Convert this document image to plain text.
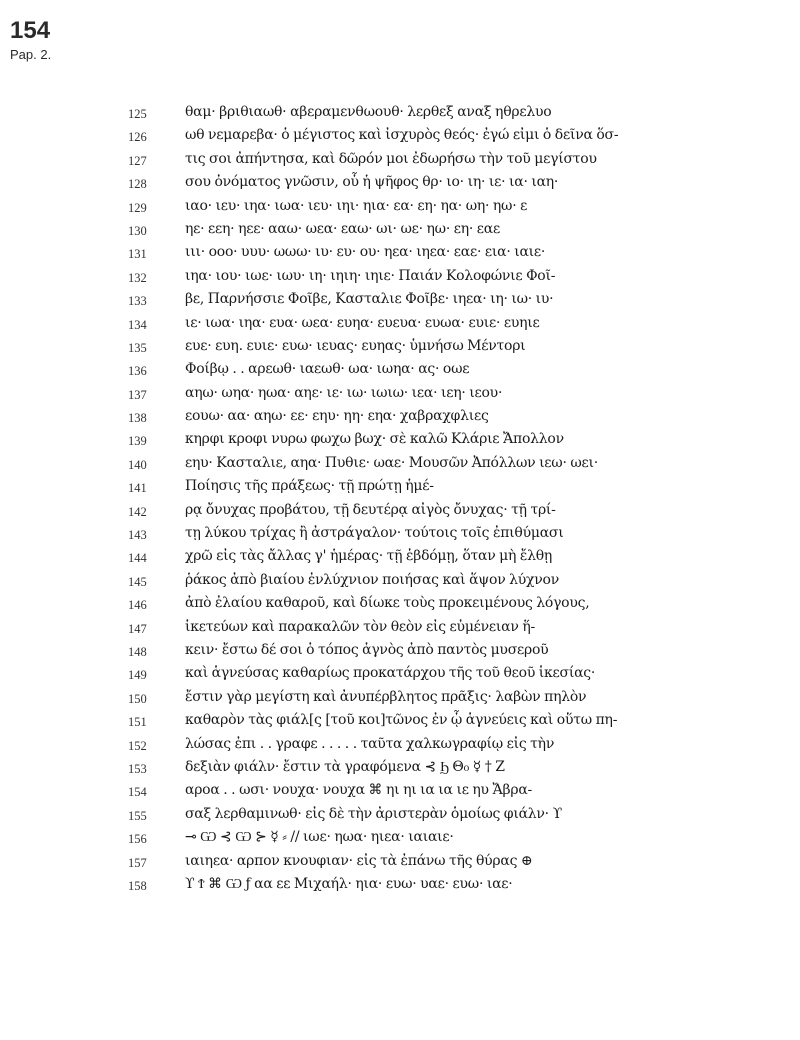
154
Pap. 2.
125	θαμ· βριθιαωθ· αβεραμενθωουθ· λερθεξ αναξ ηθρελυο
126	ωθ νεμαρεβα· ὁ μέγιστος καὶ ἰσχυρὸς θεός· ἐγώ εἰμι ὁ δεῖνα ὅσ-
127	τις σοι ἀπήντησα, καὶ δῶρόν μοι ἐδωρήσω τὴν τοῦ μεγίστου
128	σου ὀνόματος γνῶσιν, οὗ ἡ ψῆφος θρ· ιο· ιη· ιε· ια· ιαη·
129	ιαο· ιευ· ιηα· ιωα· ιευ· ιηι· ηια· εα· εη· ηα· ωη· ηω· ε
130	ηε· εεη· ηεε· ααω· ωεα· εαω· ωι· ωε· ηω· εη· εαε
131	ιιι· οοο· υυυ· ωωω· ιυ· ευ· ου· ηεα· ιηεα· εαε· εια· ιαιε·
132	ιηα· ιου· ιωε· ιωυ· ιη· ιηιη· ιηιε· Παιάν Κολοφώνιε Φοῖ-
133	βε, Παρνήσσιε Φοῖβε, Κασταλιε Φοῖβε· ιηεα· ιη· ιω· ιυ·
134	ιε· ιωα· ιηα· ευα· ωεα· ευηα· ευευα· ευωα· ευιε· ευηιε
135	ευε· ευη. ευιε· ευω· ιευας· ευηας· ὑμνήσω Μέντορι
136	Φοίβῳ . . αρεωθ· ιαεωθ· ωα· ιωηα· ας· οωε
137	αηω· ωηα· ηωα· αηε· ιε· ιω· ιωιω· ιεα· ιεη· ιεου·
138	εουω· αα· αηω· εε· εηυ· ηη· εηα· χαβραχφλιες
139	κηρφι κροφι νυρω φωχω βωχ· σὲ καλῶ Κλάριε Ἄπολλον
140	εηυ· Κασταλιε, αηα· Πυθιε· ωαε· Μουσῶν Ἀπόλλων ιεω· ωει·
141	Ποίησις τῆς πράξεως· τῇ πρώτῃ ἡμέ-
142	ρᾳ ὄνυχας προβάτου, τῇ δευτέρᾳ αἰγὸς ὄνυχας· τῇ τρί-
143	τῃ λύκου τρίχας ἢ ἀστράγαλον· τούτοις τοῖς ἐπιθύμασι
144	χρῶ εἰς τὰς ἄλλας γ' ἡμέρας· τῇ ἑβδόμῃ, ὅταν μὴ ἔλθῃ
145	ῥάκος ἀπὸ βιαίου ἐνλύχνιον ποιήσας καὶ ἅψον λύχνον
146	ἀπὸ ἐλαίου καθαροῦ, καὶ δίωκε τοὺς προκειμένους λόγους,
147	ἱκετεύων καὶ παρακαλῶν τὸν θεὸν εἰς εὐμένειαν ἥ-
148	κειν· ἔστω δέ σοι ὁ τόπος ἁγνὸς ἀπὸ παντὸς μυσεροῦ
149	καὶ ἁγνεύσας καθαρίως προκατάρχου τῆς τοῦ θεοῦ ἱκεσίας·
150	ἔστιν γὰρ μεγίστη καὶ ἀνυπέρβλητος πρᾶξις· λαβὼν πηλὸν
151	καθαρὸν τὰς φιάλ[ς [τοῦ κοι]τῶνος ἐν ᾧ ἁγνεύεις καὶ οὕτω πη-
152	λώσας ἐπι . . γραφε . . . . . ταῦτα χαλκωγραφίῳ εἰς τὴν
153	δεξιὰν φιάλν· ἔστιν τὰ γραφόμενα ⊰ Ϧ Θ₀ ☿ † Ζ
154	αροα . . ωσι· νουχα· νουχα ⌘ ηι ηι ια ια ιε ηυ Ἄβρα-
155	σαξ λερθαμινωθ· εἰς δὲ τὴν ἀριστερὰν ὁμοίως φιάλν· ϒ
156	⊸ Ѡ ⊰ Ѡ ⊱ ☿ ⸗ // ιωε· ηωα· ηιεα· ιαιαιε·
157	ιαιηεα· αρπον κνουφιαν· εἰς τὰ ἐπάνω τῆς θύρας ⊕
158	ϒ Ϯ ⌘ Ѡ ƒ αα εε Μιχαήλ· ηια· ευω· υαε· ευω· ιαε·
